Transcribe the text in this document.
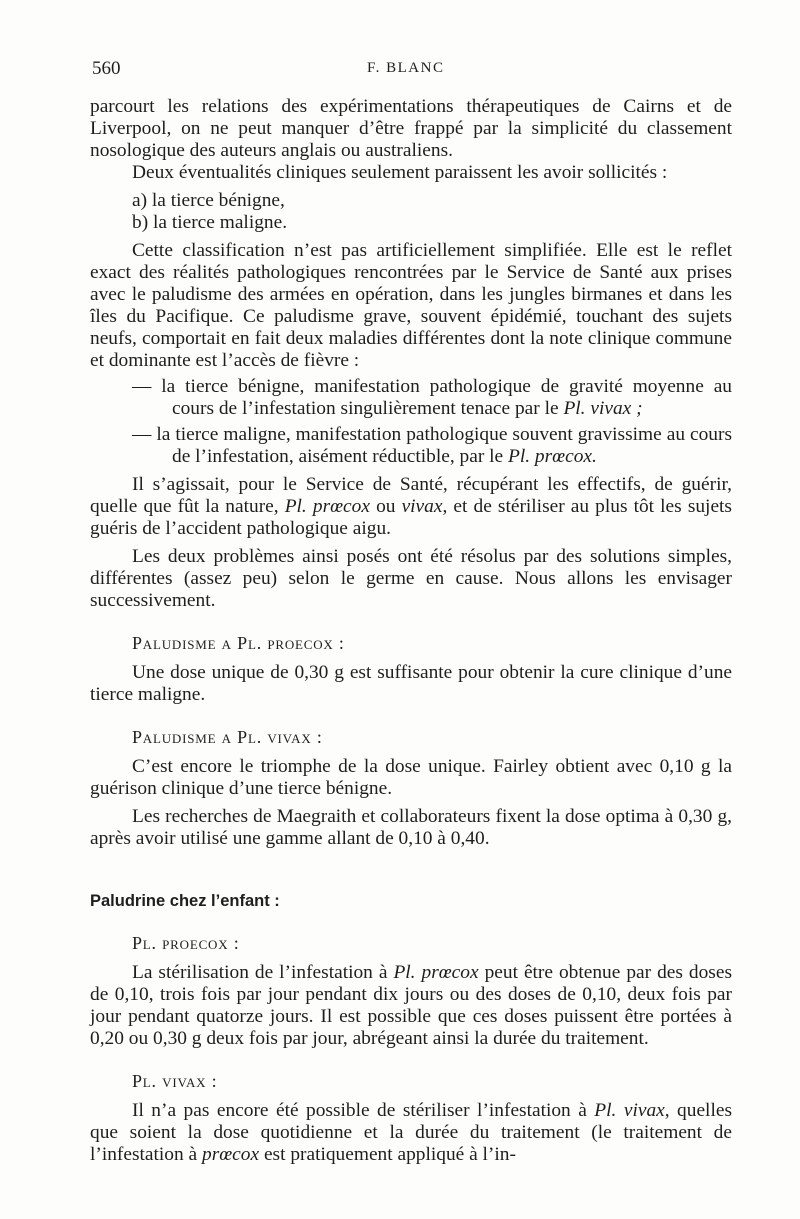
560	F. BLANC

parcourt les relations des expérimentations thérapeutiques de Cairns et de Liverpool, on ne peut manquer d’être frappé par la simplicité du classement nosologique des auteurs anglais ou australiens.

Deux éventualités cliniques seulement paraissent les avoir sollicités :

a) la tierce bénigne,

b) la tierce maligne.

Cette classification n’est pas artificiellement simplifiée. Elle est le reflet exact des réalités pathologiques rencontrées par le Service de Santé aux prises avec le paludisme des armées en opération, dans les jungles birmanes et dans les îles du Pacifique. Ce paludisme grave, souvent épidémié, touchant des sujets neufs, comportait en fait deux maladies différentes dont la note clinique commune et dominante est l’accès de fièvre :

— la tierce bénigne, manifestation pathologique de gravité moyenne au cours de l’infestation singulièrement tenace par le Pl. vivax ;

— la tierce maligne, manifestation pathologique souvent gravissime au cours de l’infestation, aisément réductible, par le Pl. prœcox.

Il s’agissait, pour le Service de Santé, récupérant les effectifs, de guérir, quelle que fût la nature, Pl. prœcox ou vivax, et de stériliser au plus tôt les sujets guéris de l’accident pathologique aigu.

Les deux problèmes ainsi posés ont été résolus par des solutions simples, différentes (assez peu) selon le germe en cause. Nous allons les envisager successivement.

Paludisme a Pl. proecox :

Une dose unique de 0,30 g est suffisante pour obtenir la cure clinique d’une tierce maligne.

Paludisme a Pl. vivax :

C’est encore le triomphe de la dose unique. Fairley obtient avec 0,10 g la guérison clinique d’une tierce bénigne.

Les recherches de Maegraith et collaborateurs fixent la dose optima à 0,30 g, après avoir utilisé une gamme allant de 0,10 à 0,40.

Paludrine chez l’enfant :

Pl. proecox :

La stérilisation de l’infestation à Pl. prœcox peut être obtenue par des doses de 0,10, trois fois par jour pendant dix jours ou des doses de 0,10, deux fois par jour pendant quatorze jours. Il est possible que ces doses puissent être portées à 0,20 ou 0,30 g deux fois par jour, abrégeant ainsi la durée du traitement.

Pl. vivax :

Il n’a pas encore été possible de stériliser l’infestation à Pl. vivax, quelles que soient la dose quotidienne et la durée du traitement (le traitement de l’infestation à prœcox est pratiquement appliqué à l’in-
